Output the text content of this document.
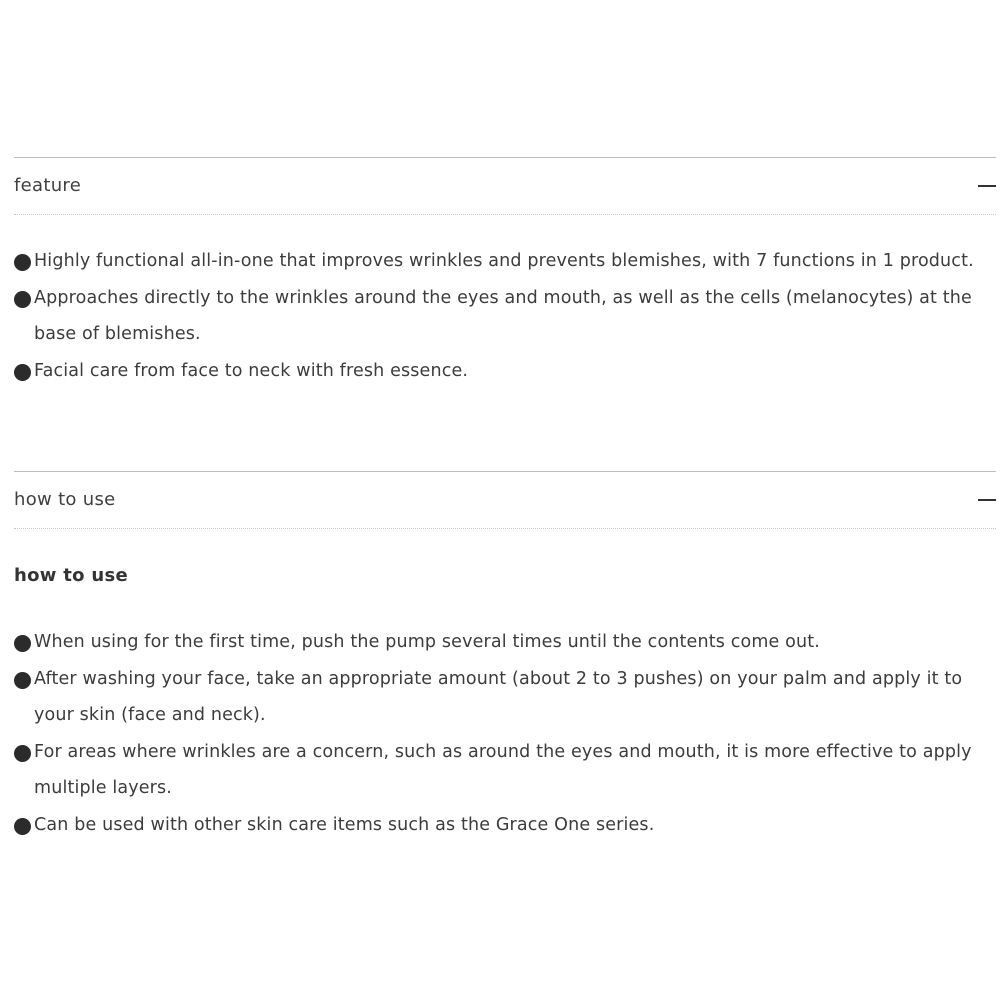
feature
Highly functional all-in-one that improves wrinkles and prevents blemishes, with 7 functions in 1 product.
Approaches directly to the wrinkles around the eyes and mouth, as well as the cells (melanocytes) at the base of blemishes.
Facial care from face to neck with fresh essence.
how to use
how to use
When using for the first time, push the pump several times until the contents come out.
After washing your face, take an appropriate amount (about 2 to 3 pushes) on your palm and apply it to your skin (face and neck).
For areas where wrinkles are a concern, such as around the eyes and mouth, it is more effective to apply multiple layers.
Can be used with other skin care items such as the Grace One series.
